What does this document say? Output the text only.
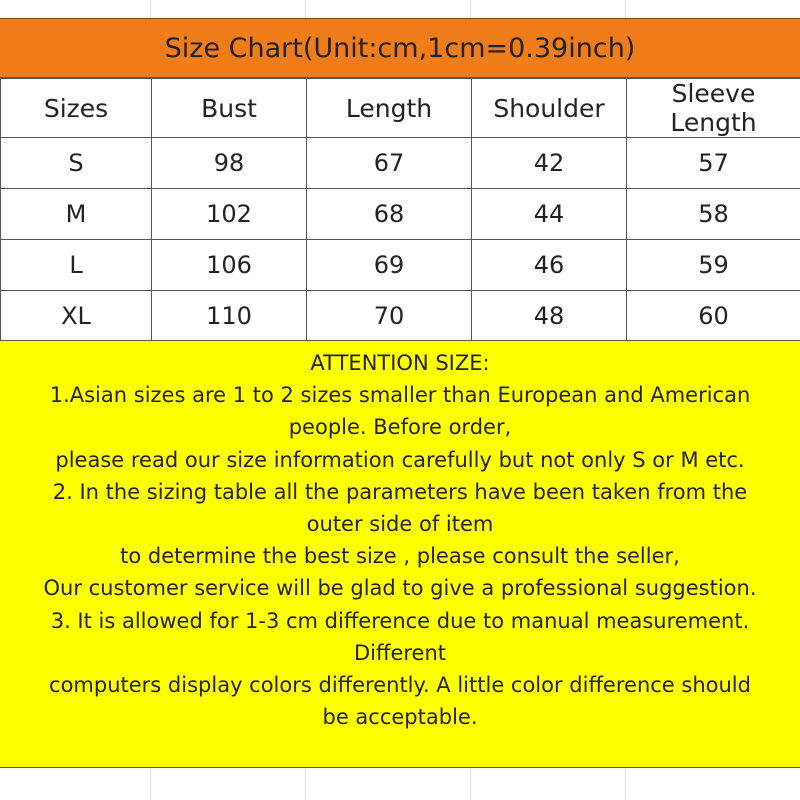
Size Chart(Unit:cm,1cm=0.39inch)
Sizes	Bust	Length	Shoulder	Sleeve Length
S	98	67	42	57
M	102	68	44	58
L	106	69	46	59
XL	110	70	48	60

ATTENTION SIZE:

1.Asian sizes are 1 to 2 sizes smaller than European and American

people. Before order,

please read our size information carefully but not only S or M etc.

2. In the sizing table all the parameters have been taken from the

outer side of item

to determine the best size , please consult the seller,

Our customer service will be glad to give a professional suggestion.

3. It is allowed for 1-3 cm difference due to manual measurement.

Different

computers display colors differently. A little color difference should

be acceptable.
